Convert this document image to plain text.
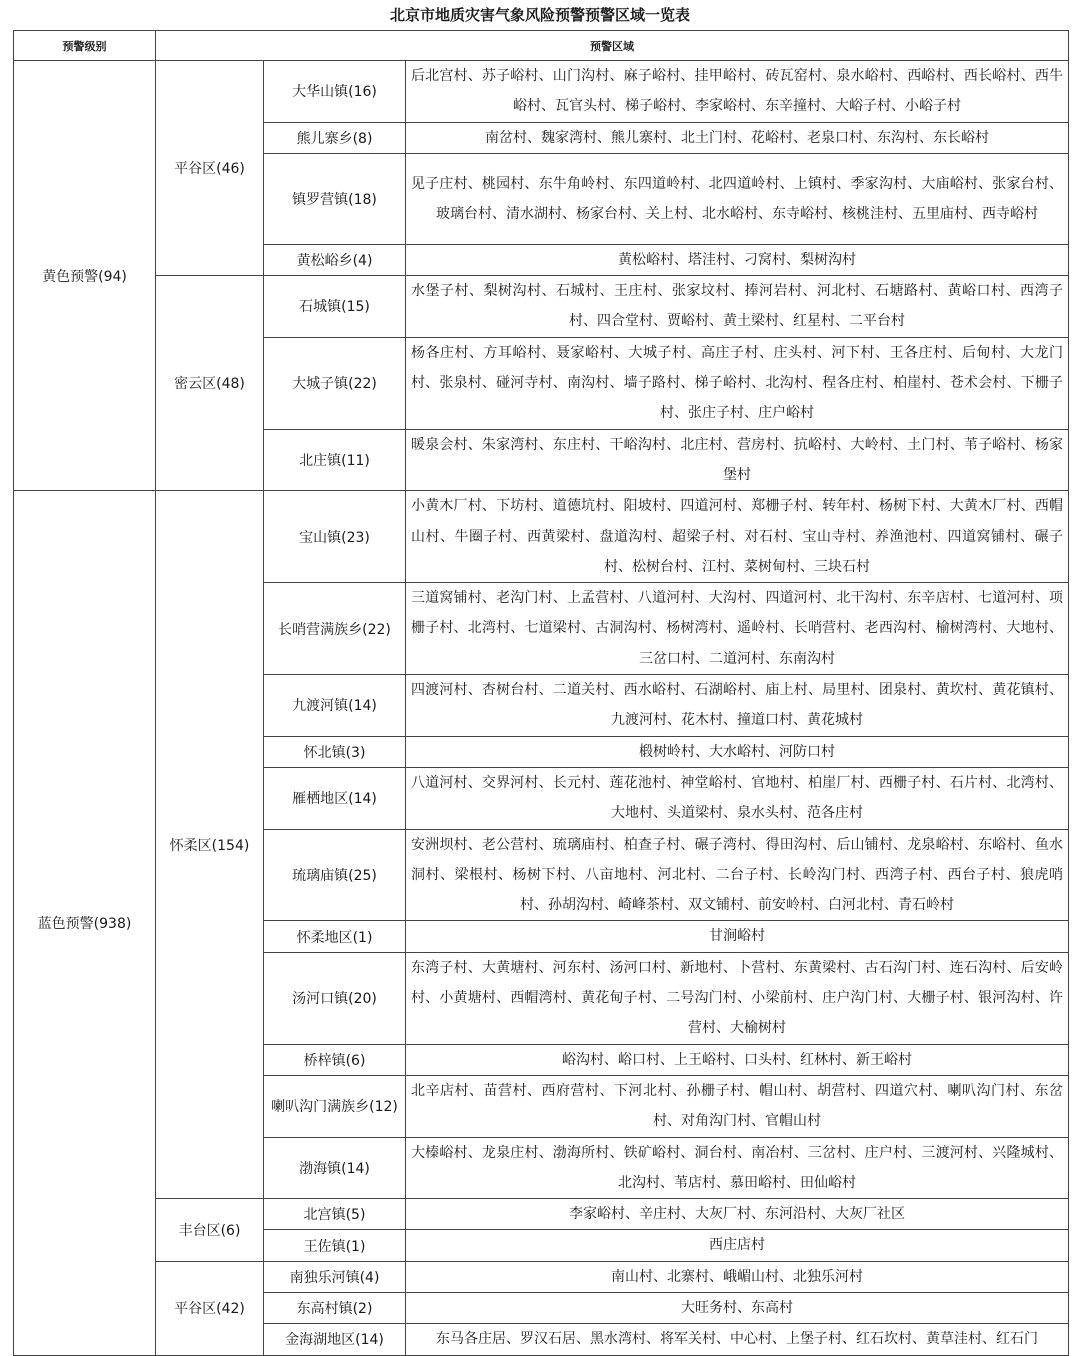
北京市地质灾害气象风险预警预警区域一览表
预警级别	预警区域		
黄色预警(94)	平谷区(46)	大华山镇(16)	后北宫村、苏子峪村、山门沟村、麻子峪村、挂甲峪村、砖瓦窑村、泉水峪村、西峪村、西长峪村、西牛峪村、瓦官头村、梯子峪村、李家峪村、东辛撞村、大峪子村、小峪子村
		熊儿寨乡(8)	南岔村、魏家湾村、熊儿寨村、北土门村、花峪村、老泉口村、东沟村、东长峪村
		镇罗营镇(18)	见子庄村、桃园村、东牛角岭村、东四道岭村、北四道岭村、上镇村、季家沟村、大庙峪村、张家台村、玻璃台村、清水湖村、杨家台村、关上村、北水峪村、东寺峪村、核桃洼村、五里庙村、西寺峪村
		黄松峪乡(4)	黄松峪村、塔洼村、刁窝村、梨树沟村
	密云区(48)	石城镇(15)	水堡子村、梨树沟村、石城村、王庄村、张家坟村、捧河岩村、河北村、石塘路村、黄峪口村、西湾子村、四合堂村、贾峪村、黄土梁村、红星村、二平台村
		大城子镇(22)	杨各庄村、方耳峪村、聂家峪村、大城子村、高庄子村、庄头村、河下村、王各庄村、后甸村、大龙门村、张泉村、碰河寺村、南沟村、墙子路村、梯子峪村、北沟村、程各庄村、柏崖村、苍术会村、下栅子村、张庄子村、庄户峪村
		北庄镇(11)	暖泉会村、朱家湾村、东庄村、干峪沟村、北庄村、营房村、抗峪村、大岭村、土门村、苇子峪村、杨家堡村
蓝色预警(938)	怀柔区(154)	宝山镇(23)	小黄木厂村、下坊村、道德坑村、阳坡村、四道河村、郑栅子村、转年村、杨树下村、大黄木厂村、西帽山村、牛圈子村、西黄梁村、盘道沟村、超梁子村、对石村、宝山寺村、养渔池村、四道窝铺村、碾子村、松树台村、江村、菜树甸村、三块石村
		长哨营满族乡(22)	三道窝铺村、老沟门村、上孟营村、八道河村、大沟村、四道河村、北干沟村、东辛店村、七道河村、项栅子村、北湾村、七道梁村、古洞沟村、杨树湾村、遥岭村、长哨营村、老西沟村、榆树湾村、大地村、三岔口村、二道河村、东南沟村
		九渡河镇(14)	四渡河村、杏树台村、二道关村、西水峪村、石湖峪村、庙上村、局里村、团泉村、黄坎村、黄花镇村、九渡河村、花木村、撞道口村、黄花城村
		怀北镇(3)	椴树岭村、大水峪村、河防口村
		雁栖地区(14)	八道河村、交界河村、长元村、莲花池村、神堂峪村、官地村、柏崖厂村、西栅子村、石片村、北湾村、大地村、头道梁村、泉水头村、范各庄村
		琉璃庙镇(25)	安洲坝村、老公营村、琉璃庙村、柏查子村、碾子湾村、得田沟村、后山铺村、龙泉峪村、东峪村、鱼水洞村、梁根村、杨树下村、八亩地村、河北村、二台子村、长岭沟门村、西湾子村、西台子村、狼虎哨村、孙胡沟村、崎峰茶村、双文铺村、前安岭村、白河北村、青石岭村
		怀柔地区(1)	甘涧峪村
		汤河口镇(20)	东湾子村、大黄塘村、河东村、汤河口村、新地村、卜营村、东黄梁村、古石沟门村、连石沟村、后安岭村、小黄塘村、西帽湾村、黄花甸子村、二号沟门村、小梁前村、庄户沟门村、大栅子村、银河沟村、许营村、大榆树村
		桥梓镇(6)	峪沟村、峪口村、上王峪村、口头村、红林村、新王峪村
		喇叭沟门满族乡(12)	北辛店村、苗营村、西府营村、下河北村、孙栅子村、帽山村、胡营村、四道穴村、喇叭沟门村、东岔村、对角沟门村、官帽山村
		渤海镇(14)	大榛峪村、龙泉庄村、渤海所村、铁矿峪村、洞台村、南冶村、三岔村、庄户村、三渡河村、兴隆城村、北沟村、苇店村、慕田峪村、田仙峪村
	丰台区(6)	北宫镇(5)	李家峪村、辛庄村、大灰厂村、东河沿村、大灰厂社区
		王佐镇(1)	西庄店村
	平谷区(42)	南独乐河镇(4)	南山村、北寨村、峨嵋山村、北独乐河村
		东高村镇(2)	大旺务村、东高村
		金海湖地区(14)	东马各庄居、罗汉石居、黑水湾村、将军关村、中心村、上堡子村、红石坎村、黄草洼村、红石门
